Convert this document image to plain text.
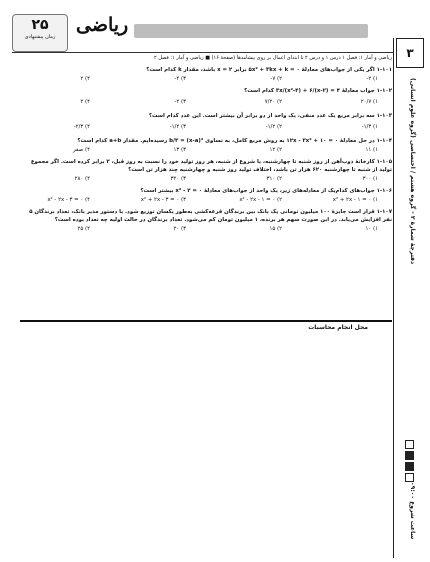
۲۵
زمان پیشنهادی
ریاضی
ریاضی و آمار ۱: فصل ۱ درس ۱ و درس ۲ تا ابتدای اعمال بر روی پیشامدها (صفحهٔ ۱۶) ■ ریاضی و آمار ۱: فصل ۲
۱-۱۰۱ اگر یکی از جواب‌های معادلهٔ ۰ = ۵x² + ۳kx + k برابر ۲ = x باشد، مقدار k کدام است؟
۱) ۲-
۲) ۷-
۳) ۴-
۴) ۲
۱-۱۰۲ جواب معادلهٔ ۴ = ۳x/(x²-۴) + ۶/(x-۲) کدام است؟
۱) ۲۰/۷
۲) ۷/۲۰
۳) ۲-
۴) ۲
۱-۱۰۳ سه برابر مربع یک عدد منفی، یک واحد از دو برابر آن بیشتر است. این عدد کدام است؟
۱) ۱/۳-
۲) ۱/۲-
۳) ۱/۴-
۴) ۲/۳-
۱-۱۰۴ در حل معادلهٔ ۰ = ۱۰ + ۱۲x - ۳x² به روش مربع کامل، به تساوی b/۳ = (x-a)² رسیده‌ایم. مقدار a+b کدام است؟
۱) ۱۱
۲) ۱۲
۳) ۱۳
۴) صفر
۱-۱۰۵ کارخانهٔ ذوب‌آهن از روز شنبه تا چهارشنبه، با شروع از شنبه، هر روز تولید خود را نسبت به روز قبل، ۲ برابر کرده است. اگر مجموع تولید از شنبه تا چهارشنبه ۶۲۰ هزار تن باشد، اختلاف تولید روز شنبه و چهارشنبه چند هزار تن است؟
۱) ۳۰۰
۲) ۳۱۰
۳) ۳۲۰
۴) ۲۸۰
۱-۱۰۶ جواب‌های کدام‌یک از معادله‌های زیر، یک واحد از جواب‌های معادلهٔ ۰ = ۲ - x² بیشتر است؟
۱) x² + ۲x - ۱ = ۰
۲) x² - ۲x - ۱ = ۰
۳) x² + ۲x - ۳ = ۰
۴) x² - ۲x - ۳ = ۰
۱-۱۰۷ قرار است جایزهٔ ۱۰۰ میلیون تومانی یک بانک بین برندگان قرعه‌کشی به‌طور یکسان توزیع شود. با دستور مدیر بانک، تعداد برندگان ۵ نفر افزایش می‌یابد. در این صورت سهم هر برنده، ۱ میلیون تومان کم می‌شود. تعداد برندگان در حالت اولیه چه تعداد بوده است؟
۱) ۱۰
۲) ۱۵
۳) ۲۰
۴) ۲۵
محل انجام محاسبات
۳
دفترچهٔ شمارهٔ ۲ - گروه هشتم / اختصاصی (گروه علوم انسانی)
ساعت شروع ۰۹:۰۰
